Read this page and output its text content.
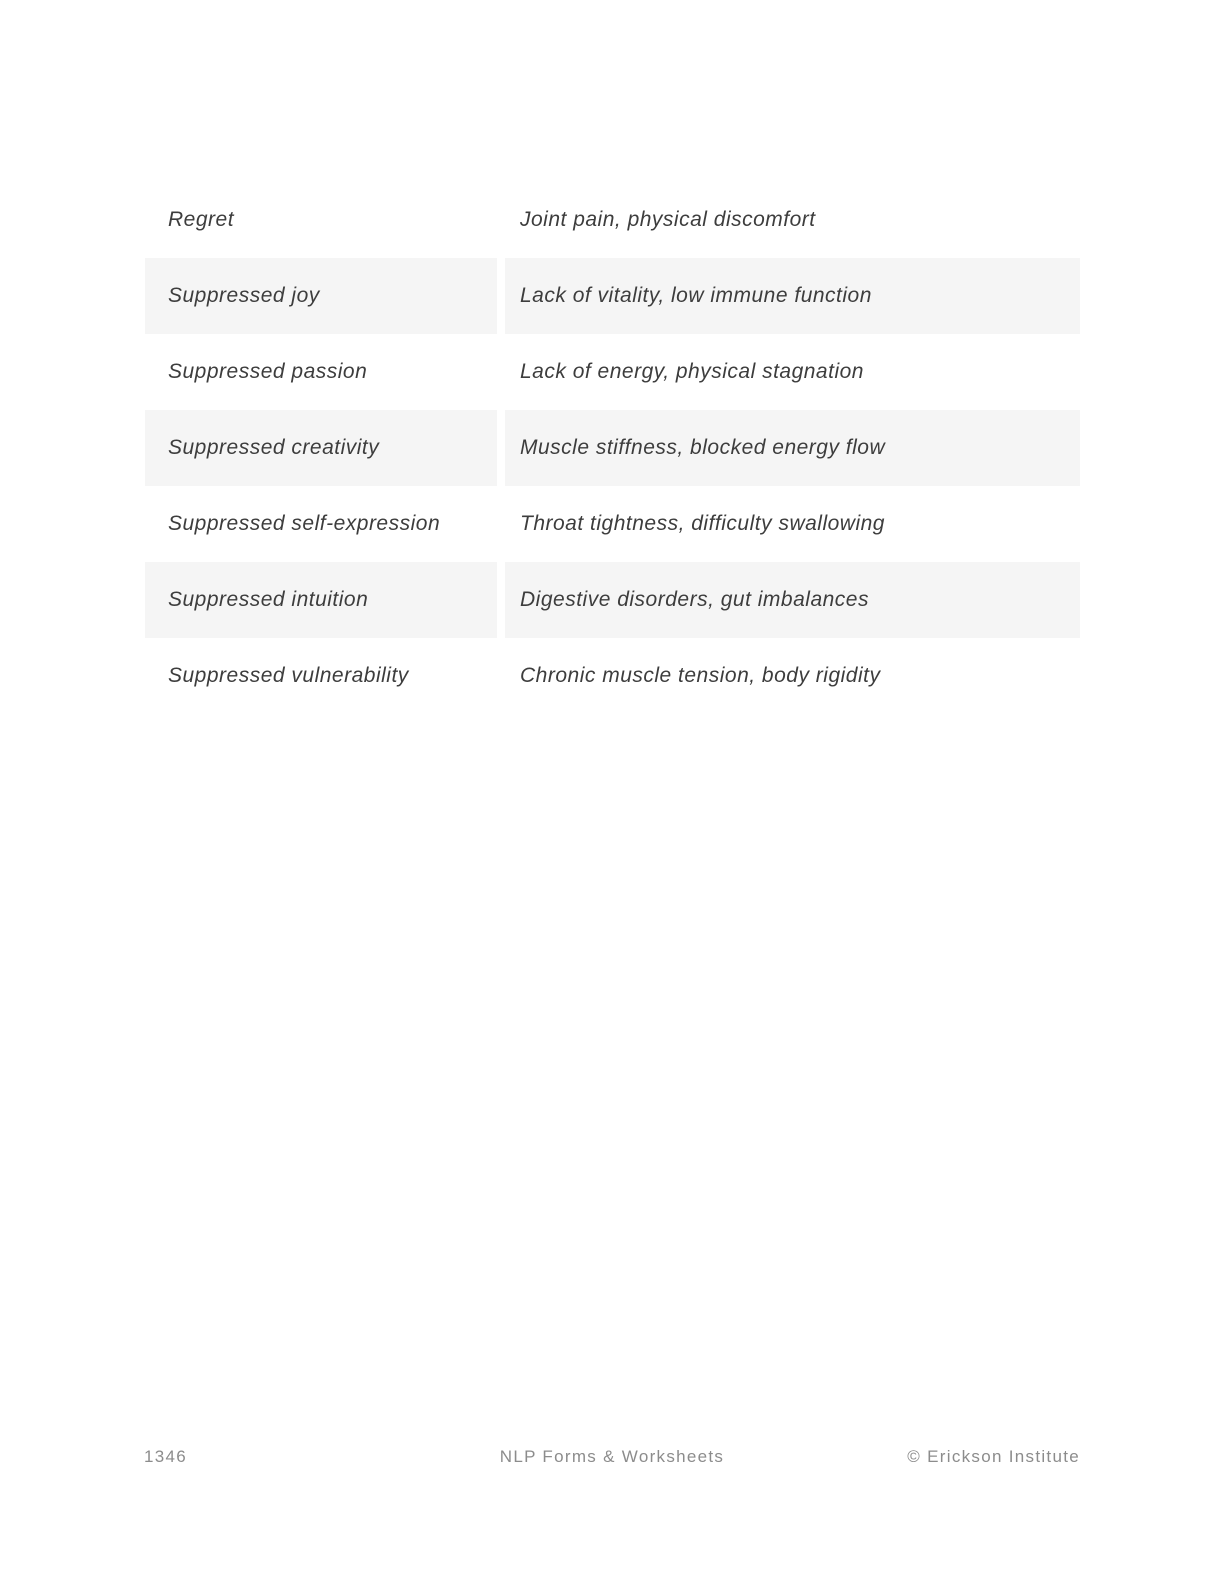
Regret	Joint pain, physical discomfort
Suppressed joy	Lack of vitality, low immune function
Suppressed passion	Lack of energy, physical stagnation
Suppressed creativity	Muscle stiffness, blocked energy flow
Suppressed self-expression	Throat tightness, difficulty swallowing
Suppressed intuition	Digestive disorders, gut imbalances
Suppressed vulnerability	Chronic muscle tension, body rigidity
1346	NLP Forms & Worksheets	© Erickson Institute
